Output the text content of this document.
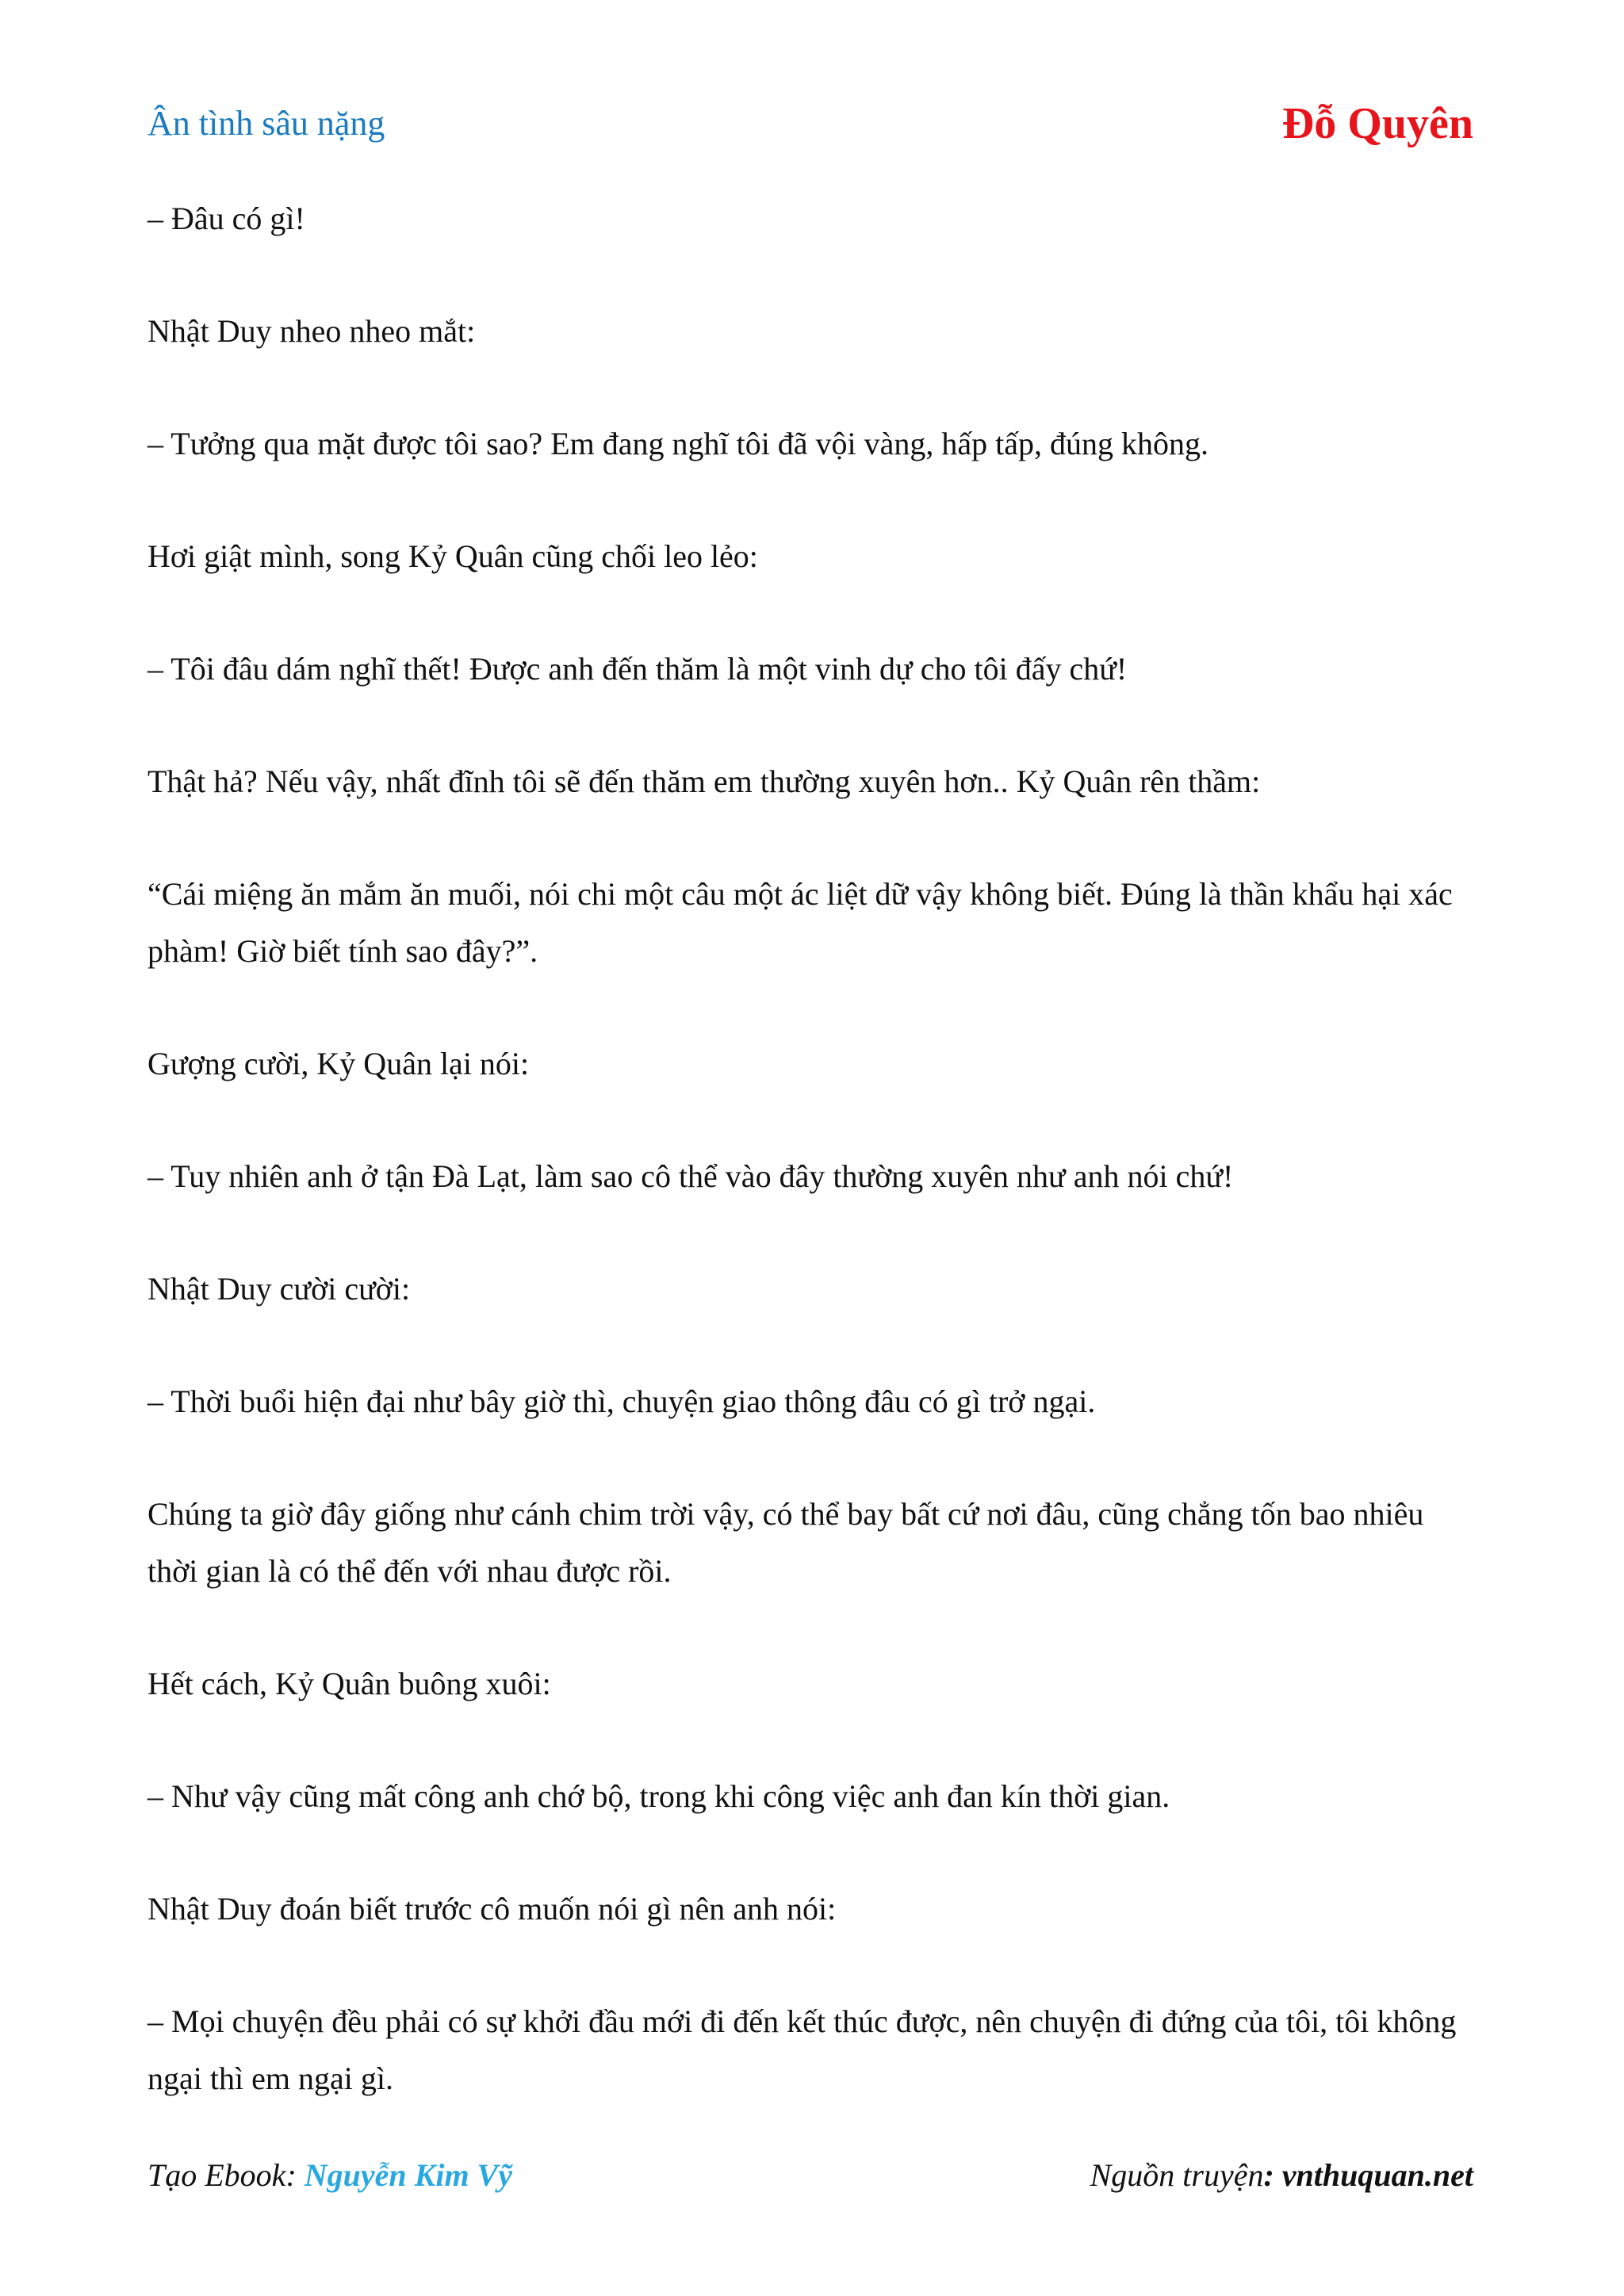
Ân tình sâu nặng	Đỗ Quyên

– Đâu có gì!

Nhật Duy nheo nheo mắt:

– Tưởng qua mặt được tôi sao? Em đang nghĩ tôi đã vội vàng, hấp tấp, đúng không.

Hơi giật mình, song Kỷ Quân cũng chối leo lẻo:

– Tôi đâu dám nghĩ thết! Được anh đến thăm là một vinh dự cho tôi đấy chứ!

Thật hả? Nếu vậy, nhất đĩnh tôi sẽ đến thăm em thường xuyên hơn.. Kỷ Quân rên thầm:

“Cái miệng ăn mắm ăn muối, nói chi một câu một ác liệt dữ vậy không biết. Đúng là thần khẩu hại xác phàm! Giờ biết tính sao đây?”.

Gượng cười, Kỷ Quân lại nói:

– Tuy nhiên anh ở tận Đà Lạt, làm sao cô thể vào đây thường xuyên như anh nói chứ!

Nhật Duy cười cười:

– Thời buổi hiện đại như bây giờ thì, chuyện giao thông đâu có gì trở ngại.

Chúng ta giờ đây giống như cánh chim trời vậy, có thể bay bất cứ nơi đâu, cũng chẳng tốn bao nhiêu thời gian là có thể đến với nhau được rồi.

Hết cách, Kỷ Quân buông xuôi:

– Như vậy cũng mất công anh chớ bộ, trong khi công việc anh đan kín thời gian.

Nhật Duy đoán biết trước cô muốn nói gì nên anh nói:

– Mọi chuyện đều phải có sự khởi đầu mới đi đến kết thúc được, nên chuyện đi đứng của tôi, tôi không ngại thì em ngại gì.

Tạo Ebook: Nguyễn Kim Vỹ	Nguồn truyện: vnthuquan.net
